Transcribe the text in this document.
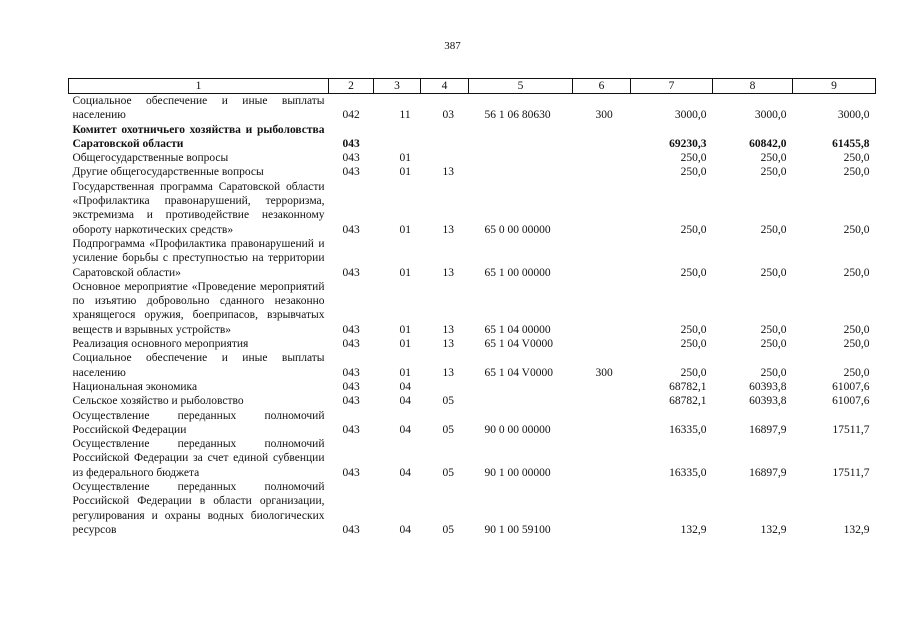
387
1	2	3	4	5	6	7	8	9
Социальное обеспечение и иные выплаты населению	042	11	03	56 1 06 80630	300	3000,0	3000,0	3000,0
Комитет охотничьего хозяйства и рыболовства Саратовской области	043					69230,3	60842,0	61455,8
Общегосударственные вопросы	043	01				250,0	250,0	250,0
Другие общегосударственные вопросы	043	01	13			250,0	250,0	250,0
Государственная программа Саратовской области «Профилактика правонарушений, терроризма, экстремизма и противодействие незаконному обороту наркотических средств»	043	01	13	65 0 00 00000		250,0	250,0	250,0
Подпрограмма «Профилактика правонарушений и усиление борьбы с преступностью на территории Саратовской области»	043	01	13	65 1 00 00000		250,0	250,0	250,0
Основное мероприятие «Проведение мероприятий по изъятию добровольно сданного незаконно хранящегося оружия, боеприпасов, взрывчатых веществ и взрывных устройств»	043	01	13	65 1 04 00000		250,0	250,0	250,0
Реализация основного мероприятия	043	01	13	65 1 04 V0000		250,0	250,0	250,0
Социальное обеспечение и иные выплаты населению	043	01	13	65 1 04 V0000	300	250,0	250,0	250,0
Национальная экономика	043	04				68782,1	60393,8	61007,6
Сельское хозяйство и рыболовство	043	04	05			68782,1	60393,8	61007,6
Осуществление переданных полномочий Российской Федерации	043	04	05	90 0 00 00000		16335,0	16897,9	17511,7
Осуществление переданных полномочий Российской Федерации за счет единой субвенции из федерального бюджета	043	04	05	90 1 00 00000		16335,0	16897,9	17511,7
Осуществление переданных полномочий Российской Федерации в области организации, регулирования и охраны водных биологических ресурсов	043	04	05	90 1 00 59100		132,9	132,9	132,9
